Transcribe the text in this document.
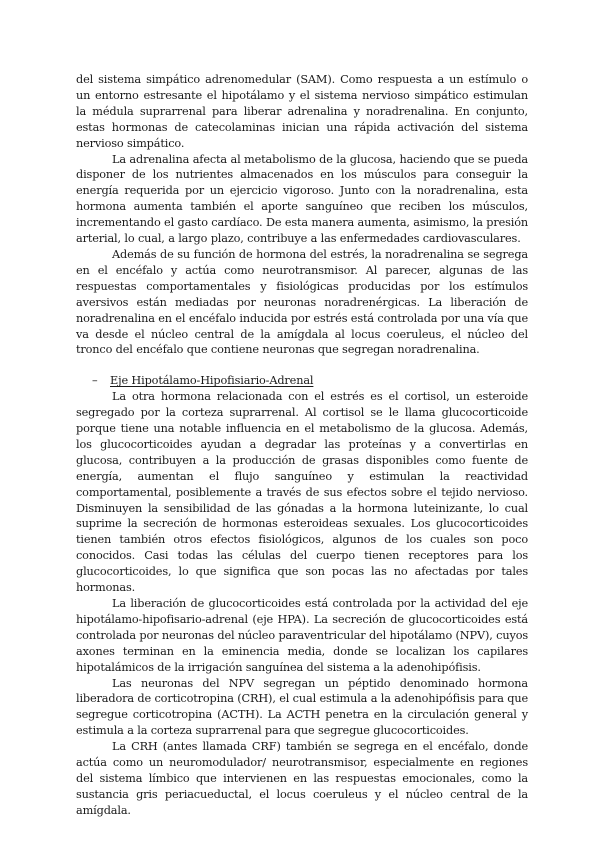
del sistema simpático adrenomedular (SAM). Como respuesta a un estímulo o un entorno estresante el hipotálamo y el sistema nervioso simpático estimulan la médula suprarrenal para liberar adrenalina y noradrenalina. En conjunto, estas hormonas de catecolaminas inician una rápida activación del sistema nervioso simpático.

La adrenalina afecta al metabolismo de la glucosa, haciendo que se pueda disponer de los nutrientes almacenados en los músculos para conseguir la energía requerida por un ejercicio vigoroso. Junto con la noradrenalina, esta hormona aumenta también el aporte sanguíneo que reciben los músculos, incrementando el gasto cardíaco. De esta manera aumenta, asimismo, la presión arterial, lo cual, a largo plazo, contribuye a las enfermedades cardiovasculares.

Además de su función de hormona del estrés, la noradrenalina se segrega en el encéfalo y actúa como neurotransmisor. Al parecer, algunas de las respuestas comportamentales y fisiológicas producidas por los estímulos aversivos están mediadas por neuronas noradrenérgicas. La liberación de noradrenalina en el encéfalo inducida por estrés está controlada por una vía que va desde el núcleo central de la amígdala al locus coeruleus, el núcleo del tronco del encéfalo que contiene neuronas que segregan noradrenalina.

–	Eje Hipotálamo-Hipofisiario-Adrenal

La otra hormona relacionada con el estrés es el cortisol, un esteroide segregado por la corteza suprarrenal. Al cortisol se le llama glucocorticoide porque tiene una notable influencia en el metabolismo de la glucosa. Además, los glucocorticoides ayudan a degradar las proteínas y a convertirlas en glucosa, contribuyen a la producción de grasas disponibles como fuente de energía, aumentan el flujo sanguíneo y estimulan la reactividad comportamental, posiblemente a través de sus efectos sobre el tejido nervioso. Disminuyen la sensibilidad de las gónadas a la hormona luteinizante, lo cual suprime la secreción de hormonas esteroideas sexuales. Los glucocorticoides tienen también otros efectos fisiológicos, algunos de los cuales son poco conocidos. Casi todas las células del cuerpo tienen receptores para los glucocorticoides, lo que significa que son pocas las no afectadas por tales hormonas.

La liberación de glucocorticoides está controlada por la actividad del eje hipotálamo-hipofisario-adrenal (eje HPA). La secreción de glucocorticoides está controlada por neuronas del núcleo paraventricular del hipotálamo (NPV), cuyos axones terminan en la eminencia media, donde se localizan los capilares hipotalámicos de la irrigación sanguínea del sistema a la adenohipófisis.

Las neuronas del NPV segregan un péptido denominado hormona liberadora de corticotropina (CRH), el cual estimula a la adenohipófisis para que segregue corticotropina (ACTH). La ACTH penetra en la circulación general y estimula a la corteza suprarrenal para que segregue glucocorticoides.

La CRH (antes llamada CRF) también se segrega en el encéfalo, donde actúa como un neuromodulador/ neurotransmisor, especialmente en regiones del sistema límbico que intervienen en las respuestas emocionales, como la sustancia gris periacueductal, el locus coeruleus y el núcleo central de la amígdala.
